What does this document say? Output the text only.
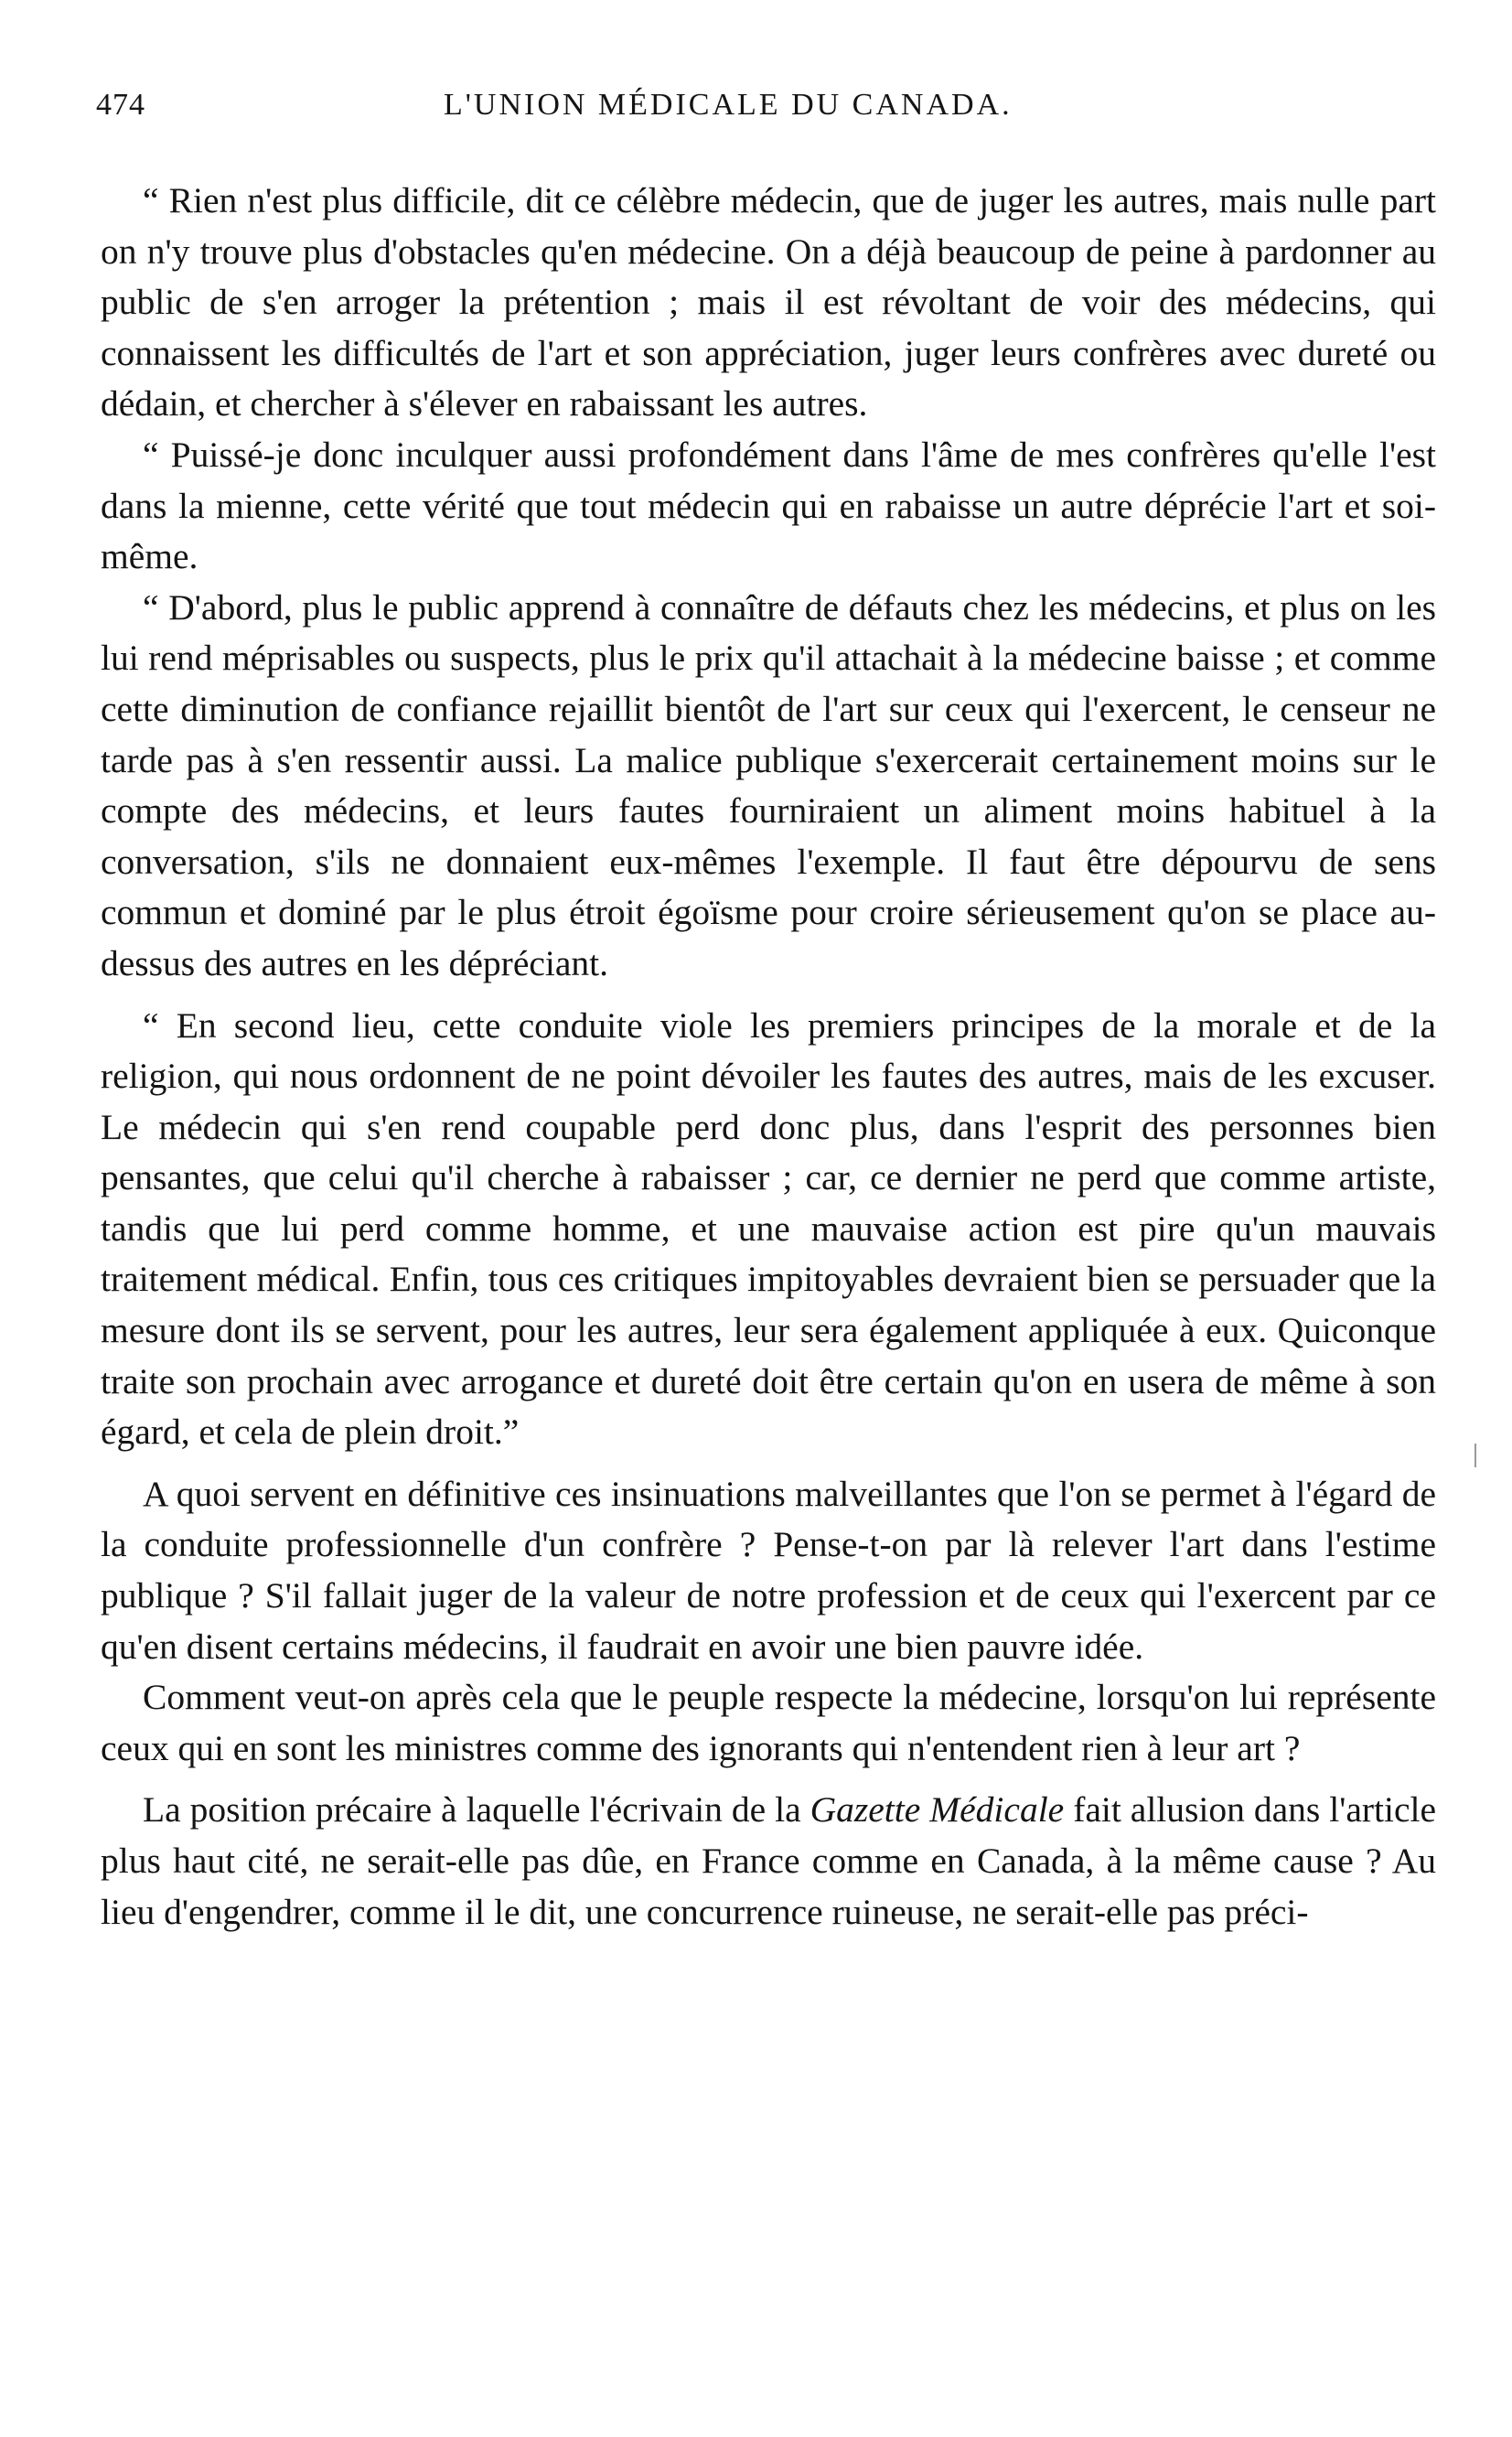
474	L'UNION MÉDICALE DU CANADA.

“ Rien n'est plus difficile, dit ce célèbre médecin, que de juger les autres, mais nulle part on n'y trouve plus d'obstacles qu'en médecine. On a déjà beaucoup de peine à pardonner au public de s'en arroger la prétention ; mais il est révoltant de voir des médecins, qui connaissent les difficultés de l'art et son appréciation, juger leurs confrères avec dureté ou dédain, et chercher à s'élever en rabaissant les autres.

“ Puissé-je donc inculquer aussi profondément dans l'âme de mes confrères qu'elle l'est dans la mienne, cette vérité que tout médecin qui en rabaisse un autre déprécie l'art et soi-même.

“ D'abord, plus le public apprend à connaître de défauts chez les médecins, et plus on les lui rend méprisables ou suspects, plus le prix qu'il attachait à la médecine baisse ; et comme cette diminution de confiance rejaillit bientôt de l'art sur ceux qui l'exercent, le censeur ne tarde pas à s'en ressentir aussi. La malice publique s'exercerait certainement moins sur le compte des médecins, et leurs fautes fourniraient un aliment moins habituel à la conversation, s'ils ne donnaient eux-mêmes l'exemple. Il faut être dépourvu de sens commun et dominé par le plus étroit égoïsme pour croire sérieusement qu'on se place au-dessus des autres en les dépréciant.

“ En second lieu, cette conduite viole les premiers principes de la morale et de la religion, qui nous ordonnent de ne point dévoiler les fautes des autres, mais de les excuser. Le médecin qui s'en rend coupable perd donc plus, dans l'esprit des personnes bien pensantes, que celui qu'il cherche à rabaisser ; car, ce dernier ne perd que comme artiste, tandis que lui perd comme homme, et une mauvaise action est pire qu'un mauvais traitement médical. Enfin, tous ces critiques impitoyables devraient bien se persuader que la mesure dont ils se servent, pour les autres, leur sera également appliquée à eux. Quiconque traite son prochain avec arrogance et dureté doit être certain qu'on en usera de même à son égard, et cela de plein droit.”

A quoi servent en définitive ces insinuations malveillantes que l'on se permet à l'égard de la conduite professionnelle d'un confrère ? Pense-t-on par là relever l'art dans l'estime publique ? S'il fallait juger de la valeur de notre profession et de ceux qui l'exercent par ce qu'en disent certains médecins, il faudrait en avoir une bien pauvre idée.

Comment veut-on après cela que le peuple respecte la médecine, lorsqu'on lui représente ceux qui en sont les ministres comme des ignorants qui n'entendent rien à leur art ?

La position précaire à laquelle l'écrivain de la Gazette Médicale fait allusion dans l'article plus haut cité, ne serait-elle pas dûe, en France comme en Canada, à la même cause ? Au lieu d'engendrer, comme il le dit, une concurrence ruineuse, ne serait-elle pas préci-
